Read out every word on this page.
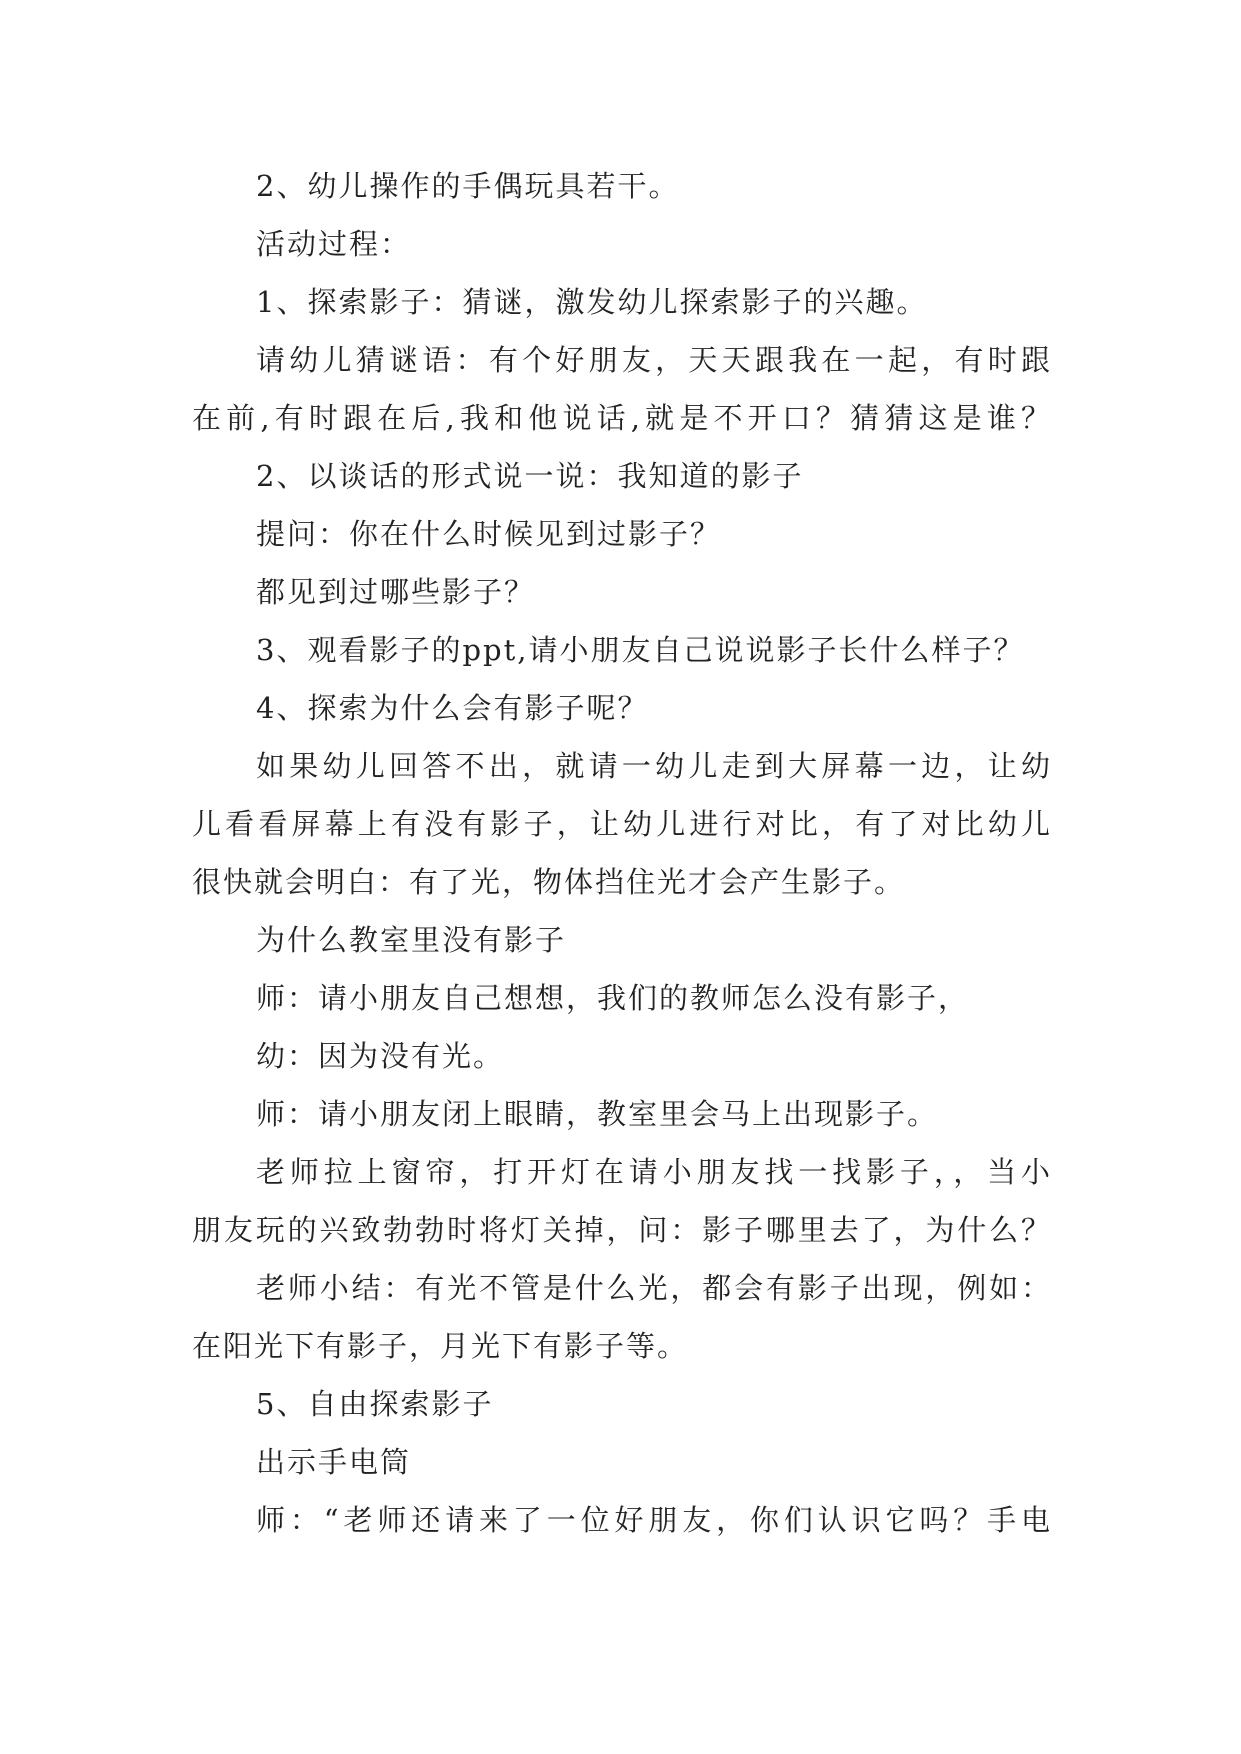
2、幼儿操作的手偶玩具若干。
活动过程：
1、探索影子：猜谜，激发幼儿探索影子的兴趣。
请幼儿猜谜语：有个好朋友，天天跟我在一起，有时跟
在前,有时跟在后,我和他说话,就是不开口？猜猜这是谁？
2、以谈话的形式说一说：我知道的影子
提问：你在什么时候见到过影子？
都见到过哪些影子？
3、观看影子的ppt,请小朋友自己说说影子长什么样子？
4、探索为什么会有影子呢？
如果幼儿回答不出，就请一幼儿走到大屏幕一边，让幼
儿看看屏幕上有没有影子，让幼儿进行对比，有了对比幼儿
很快就会明白：有了光，物体挡住光才会产生影子。
为什么教室里没有影子
师：请小朋友自己想想，我们的教师怎么没有影子，
幼：因为没有光。
师：请小朋友闭上眼睛，教室里会马上出现影子。
老师拉上窗帘，打开灯在请小朋友找一找影子，，当小
朋友玩的兴致勃勃时将灯关掉，问：影子哪里去了，为什么？
老师小结：有光不管是什么光，都会有影子出现，例如：
在阳光下有影子，月光下有影子等。
5、自由探索影子
出示手电筒
师：“老师还请来了一位好朋友，你们认识它吗？手电
